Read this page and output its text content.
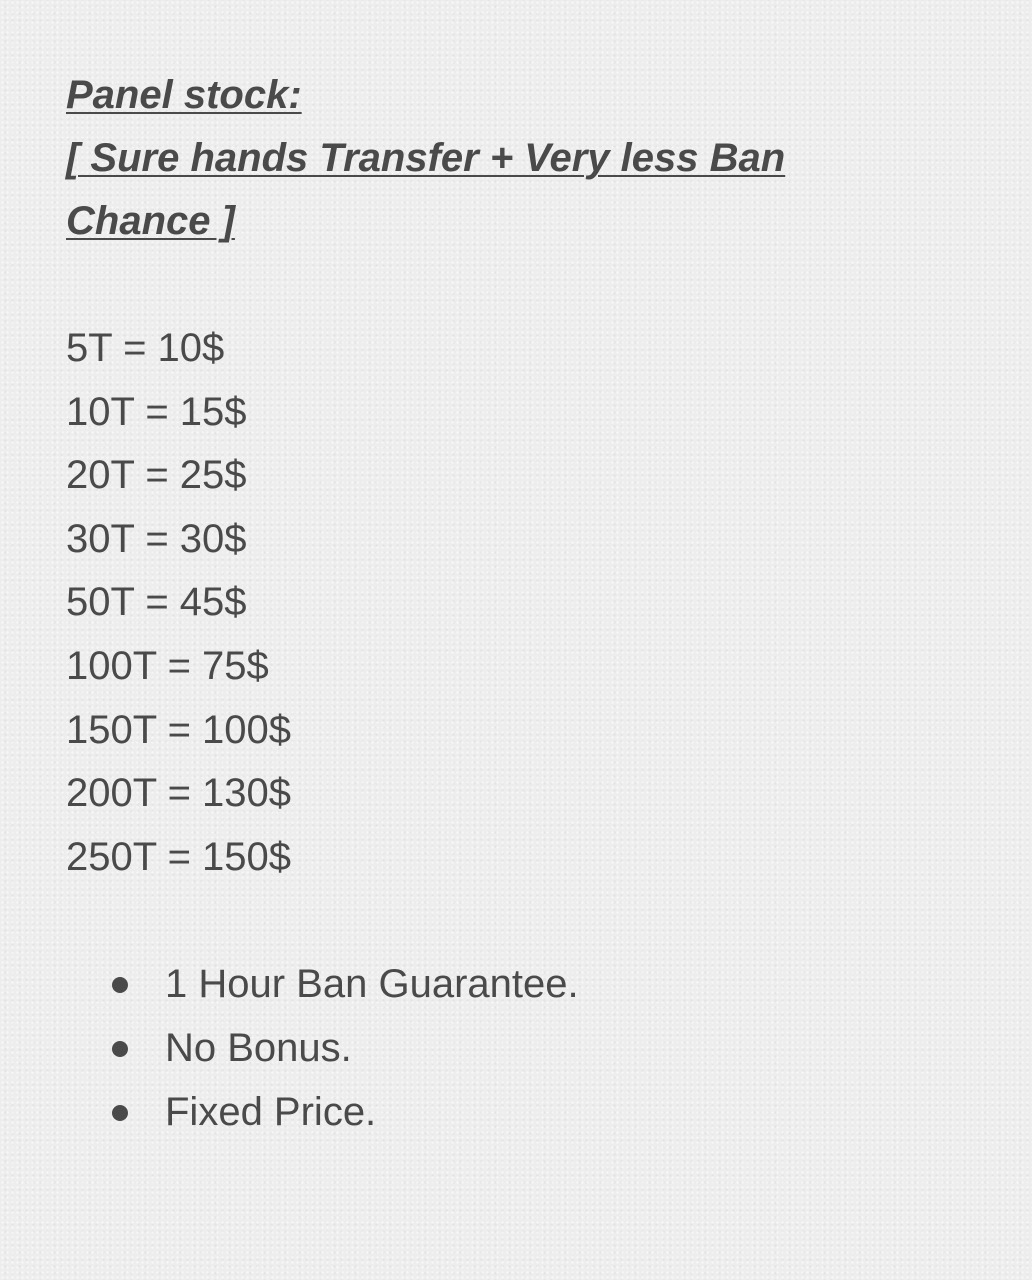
Panel stock:
[ Sure hands Transfer + Very less Ban
Chance ]
5T = 10$
10T = 15$
20T = 25$
30T = 30$
50T = 45$
100T = 75$
150T = 100$
200T = 130$
250T = 150$
1 Hour Ban Guarantee.
No Bonus.
Fixed Price.
